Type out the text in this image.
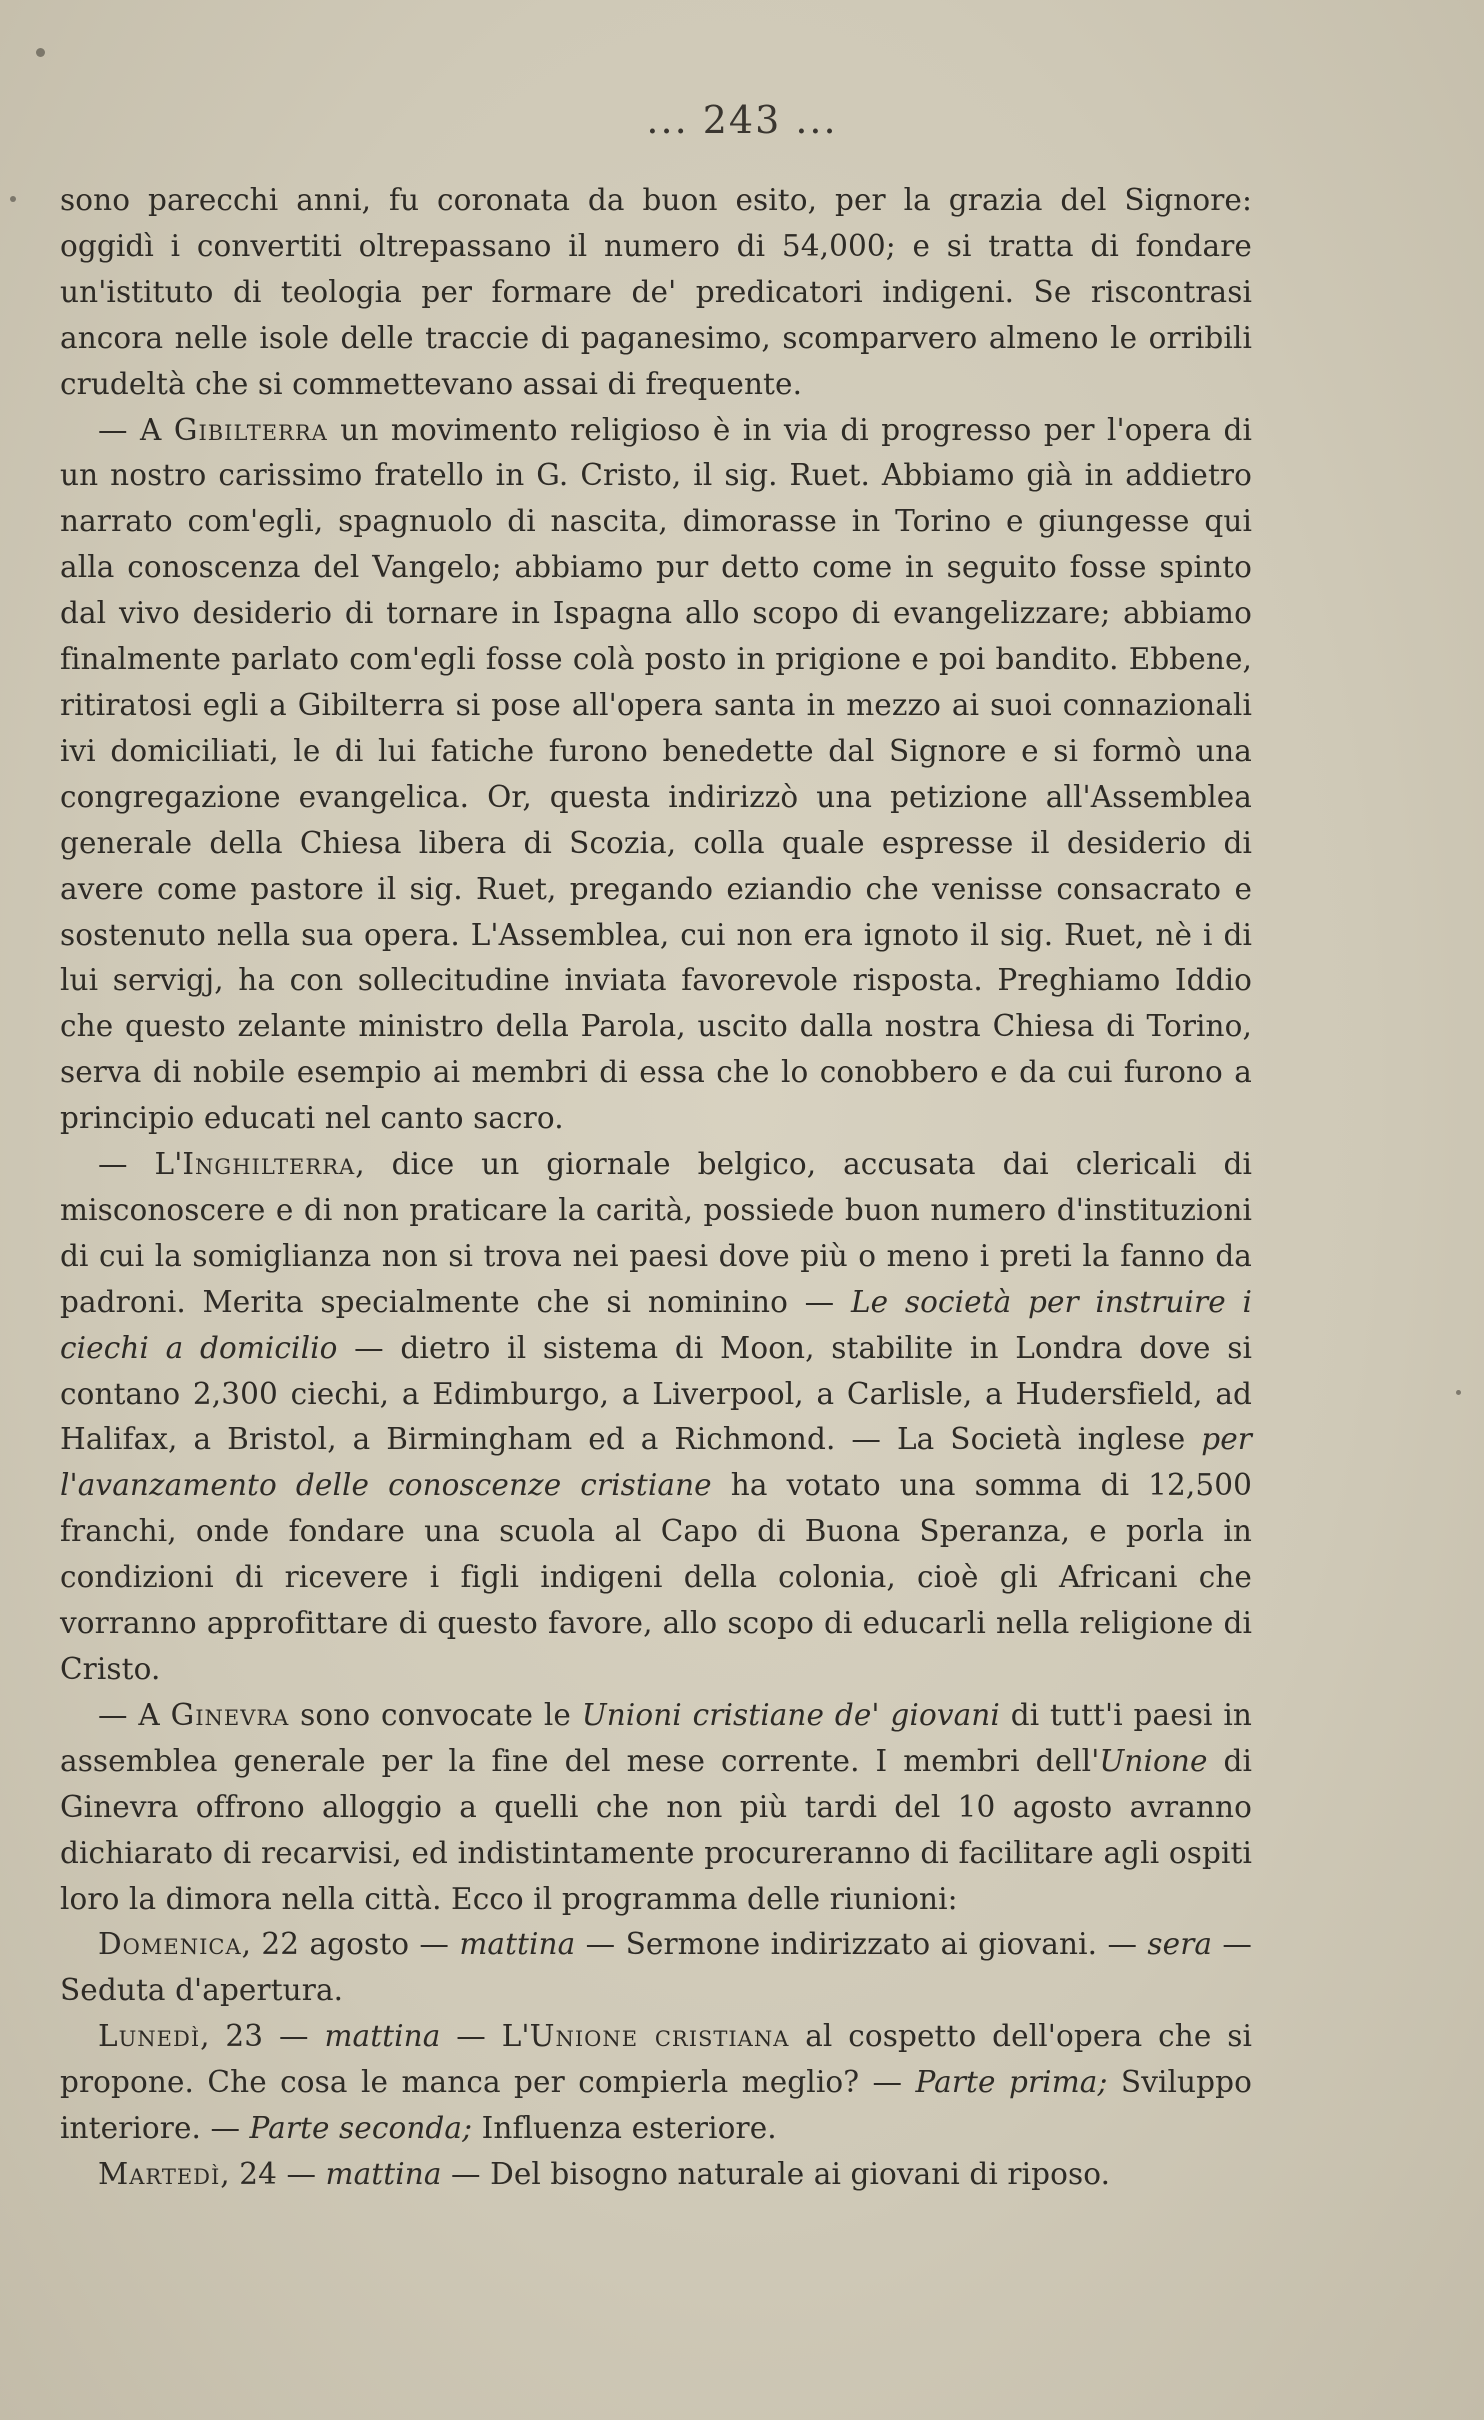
... 243 ...

sono parecchi anni, fu coronata da buon esito, per la grazia del Signore: oggidì i convertiti oltrepassano il numero di 54,000; e si tratta di fondare un'istituto di teologia per formare de' predicatori indigeni. Se riscontrasi ancora nelle isole delle traccie di paganesimo, scomparvero almeno le orribili crudeltà che si commettevano assai di frequente.

— A Gibilterra un movimento religioso è in via di progresso per l'opera di un nostro carissimo fratello in G. Cristo, il sig. Ruet. Abbiamo già in addietro narrato com'egli, spagnuolo di nascita, dimorasse in Torino e giungesse qui alla conoscenza del Vangelo; abbiamo pur detto come in seguito fosse spinto dal vivo desiderio di tornare in Ispagna allo scopo di evangelizzare; abbiamo finalmente parlato com'egli fosse colà posto in prigione e poi bandito. Ebbene, ritiratosi egli a Gibilterra si pose all'opera santa in mezzo ai suoi connazionali ivi domiciliati, le di lui fatiche furono benedette dal Signore e si formò una congregazione evangelica. Or, questa indirizzò una petizione all'Assemblea generale della Chiesa libera di Scozia, colla quale espresse il desiderio di avere come pastore il sig. Ruet, pregando eziandio che venisse consacrato e sostenuto nella sua opera. L'Assemblea, cui non era ignoto il sig. Ruet, nè i di lui servigj, ha con sollecitudine inviata favorevole risposta. Preghiamo Iddio che questo zelante ministro della Parola, uscito dalla nostra Chiesa di Torino, serva di nobile esempio ai membri di essa che lo conobbero e da cui furono a principio educati nel canto sacro.

— L'Inghilterra, dice un giornale belgico, accusata dai clericali di misconoscere e di non praticare la carità, possiede buon numero d'instituzioni di cui la somiglianza non si trova nei paesi dove più o meno i preti la fanno da padroni. Merita specialmente che si nominino — Le società per instruire i ciechi a domicilio — dietro il sistema di Moon, stabilite in Londra dove si contano 2,300 ciechi, a Edimburgo, a Liverpool, a Carlisle, a Hudersfield, ad Halifax, a Bristol, a Birmingham ed a Richmond. — La Società inglese per l'avanzamento delle conoscenze cristiane ha votato una somma di 12,500 franchi, onde fondare una scuola al Capo di Buona Speranza, e porla in condizioni di ricevere i figli indigeni della colonia, cioè gli Africani che vorranno approfittare di questo favore, allo scopo di educarli nella religione di Cristo.

— A Ginevra sono convocate le Unioni cristiane de' giovani di tutt'i paesi in assemblea generale per la fine del mese corrente. I membri dell'Unione di Ginevra offrono alloggio a quelli che non più tardi del 10 agosto avranno dichiarato di recarvisi, ed indistintamente procureranno di facilitare agli ospiti loro la dimora nella città. Ecco il programma delle riunioni:

Domenica, 22 agosto — mattina — Sermone indirizzato ai giovani. — sera — Seduta d'apertura.

Lunedì, 23 — mattina — L'Unione cristiana al cospetto dell'opera che si propone. Che cosa le manca per compierla meglio? — Parte prima; Sviluppo interiore. — Parte seconda; Influenza esteriore.

Martedì, 24 — mattina — Del bisogno naturale ai giovani di riposo.
